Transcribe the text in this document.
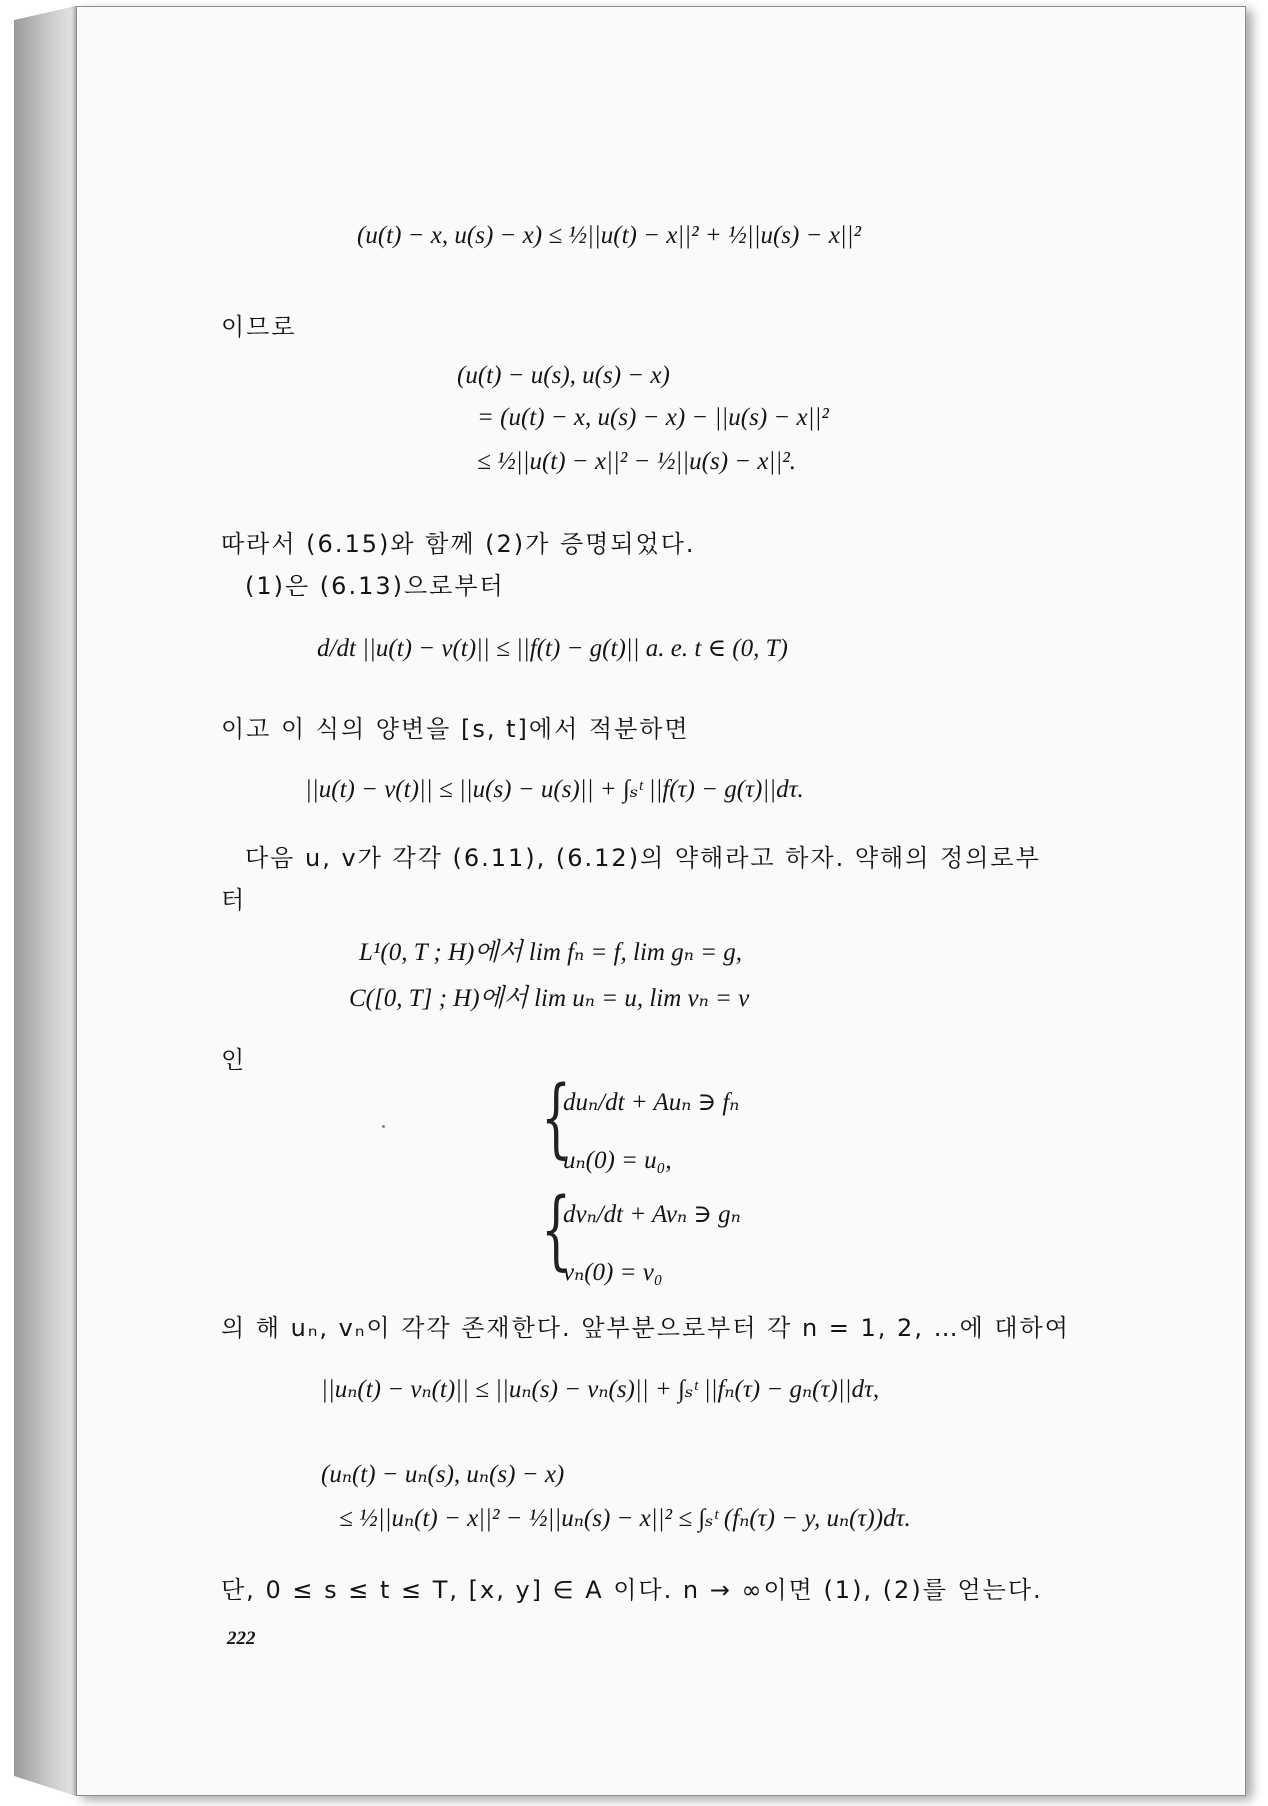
(u(t) − x, u(s) − x) ≤ ½||u(t) − x||² + ½||u(s) − x||²
이므로
(u(t) − u(s), u(s) − x)
= (u(t) − x, u(s) − x) − ||u(s) − x||²
≤ ½||u(t) − x||² − ½||u(s) − x||².
따라서 (6.15)와 함께 (2)가 증명되었다.
(1)은 (6.13)으로부터
d/dt ||u(t) − v(t)|| ≤ ||f(t) − g(t)|| a. e. t ∈ (0, T)
이고 이 식의 양변을 [s, t]에서 적분하면
||u(t) − v(t)|| ≤ ||u(s) − u(s)|| + ∫ₛᵗ ||f(τ) − g(τ)||dτ.
다음 u, v가 각각 (6.11), (6.12)의 약해라고 하자. 약해의 정의로부
터
L¹(0, T ; H)에서 lim fₙ = f, lim gₙ = g,
C([0, T] ; H)에서 lim uₙ = u, lim vₙ = v
인
{
duₙ/dt + Auₙ ∋ fₙ
uₙ(0) = u₀,
{
dvₙ/dt + Avₙ ∋ gₙ
vₙ(0) = v₀
의 해 uₙ, vₙ이 각각 존재한다. 앞부분으로부터 각 n = 1, 2, …에 대하여
||uₙ(t) − vₙ(t)|| ≤ ||uₙ(s) − vₙ(s)|| + ∫ₛᵗ ||fₙ(τ) − gₙ(τ)||dτ,
(uₙ(t) − uₙ(s), uₙ(s) − x)
≤ ½||uₙ(t) − x||² − ½||uₙ(s) − x||² ≤ ∫ₛᵗ (fₙ(τ) − y, uₙ(τ))dτ.
단, 0 ≤ s ≤ t ≤ T, [x, y] ∈ A 이다. n → ∞이면 (1), (2)를 얻는다.
222
